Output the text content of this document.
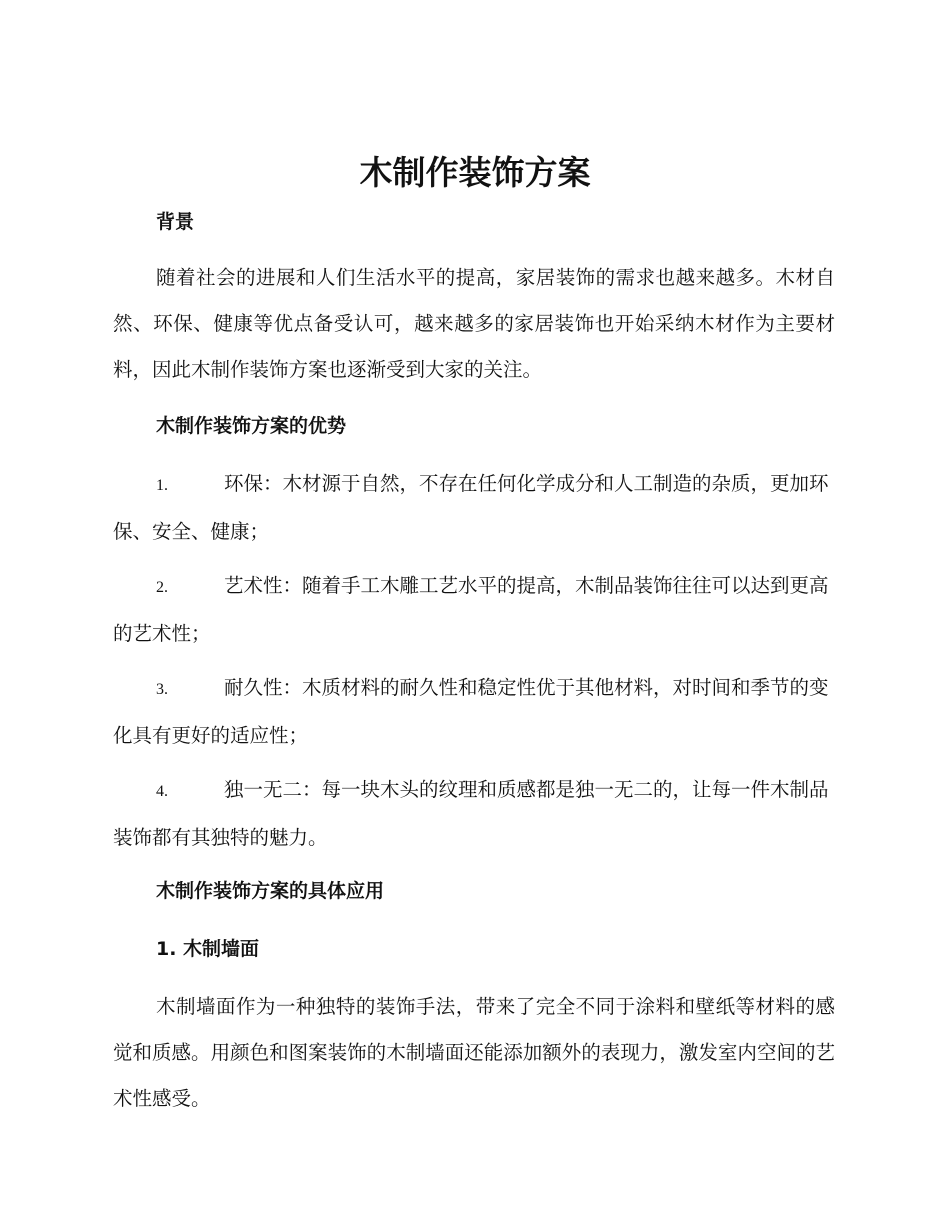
木制作装饰方案
背景

随着社会的进展和人们生活水平的提高，家居装饰的需求也越来越多。木材自然、环保、健康等优点备受认可，越来越多的家居装饰也开始采纳木材作为主要材料，因此木制作装饰方案也逐渐受到大家的关注。

木制作装饰方案的优势

1.	环保：木材源于自然，不存在任何化学成分和人工制造的杂质，更加环保、安全、健康；

2.	艺术性：随着手工木雕工艺水平的提高，木制品装饰往往可以达到更高的艺术性；

3.	耐久性：木质材料的耐久性和稳定性优于其他材料，对时间和季节的变化具有更好的适应性；

4.	独一无二：每一块木头的纹理和质感都是独一无二的，让每一件木制品装饰都有其独特的魅力。

木制作装饰方案的具体应用
1. 木制墙面

木制墙面作为一种独特的装饰手法，带来了完全不同于涂料和壁纸等材料的感觉和质感。用颜色和图案装饰的木制墙面还能添加额外的表现力，激发室内空间的艺术性感受。
